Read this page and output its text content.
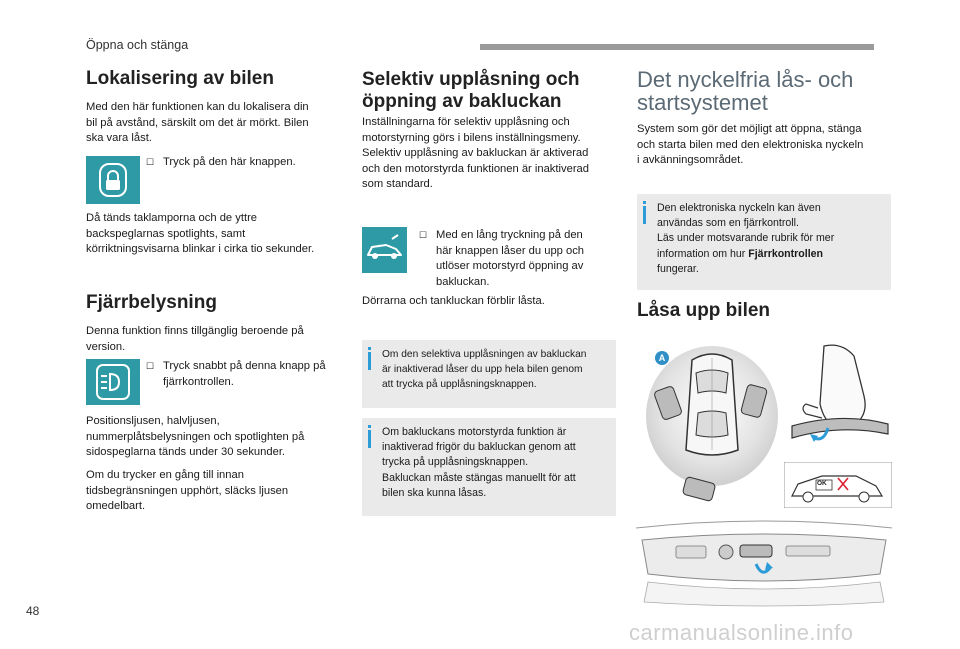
Öppna och stänga
Lokalisering av bilen

Med den här funktionen kan du lokalisera din

bil på avstånd, särskilt om det är mörkt. Bilen

ska vara låst.

☐ Tryck på den här knappen.

Då tänds taklamporna och de yttre

backspeglarnas spotlights, samt

körriktningsvisarna blinkar i cirka tio sekunder.

Fjärrbelysning

Denna funktion finns tillgänglig beroende på

version.

☐ Tryck snabbt på denna knapp på
fjärrkontrollen.

Positionsljusen, halvljusen,

nummerplåtsbelysningen och spotlighten på

sidospeglarna tänds under 30 sekunder.

Om du trycker en gång till innan

tidsbegränsningen upphört, släcks ljusen

omedelbart.

Selektiv upplåsning och
öppning av bakluckan

Inställningarna för selektiv upplåsning och

motorstyrning görs i bilens inställningsmeny.

Selektiv upplåsning av bakluckan är aktiverad

och den motorstyrda funktionen är inaktiverad

som standard.

☐ Med en lång tryckning på den
här knappen låser du upp och
utlöser motorstyrd öppning av
bakluckan.

Dörrarna och tankluckan förblir låsta.

Om den selektiva upplåsningen av bakluckan
är inaktiverad låser du upp hela bilen genom
att trycka på upplåsningsknappen.
Om bakluckans motorstyrda funktion är
inaktiverad frigör du bakluckan genom att
trycka på upplåsningsknappen.
Bakluckan måste stängas manuellt för att
bilen ska kunna låsas.
Det nyckelfria lås- och
startsystemet

System som gör det möjligt att öppna, stänga

och starta bilen med den elektroniska nyckeln

i avkänningsområdet.

Den elektroniska nyckeln kan även
användas som en fjärrkontroll.
Läs under motsvarande rubrik för mer
information om hur Fjärrkontrollen
fungerar.
Låsa upp bilen
A
OK
48
carmanualsonline.info
